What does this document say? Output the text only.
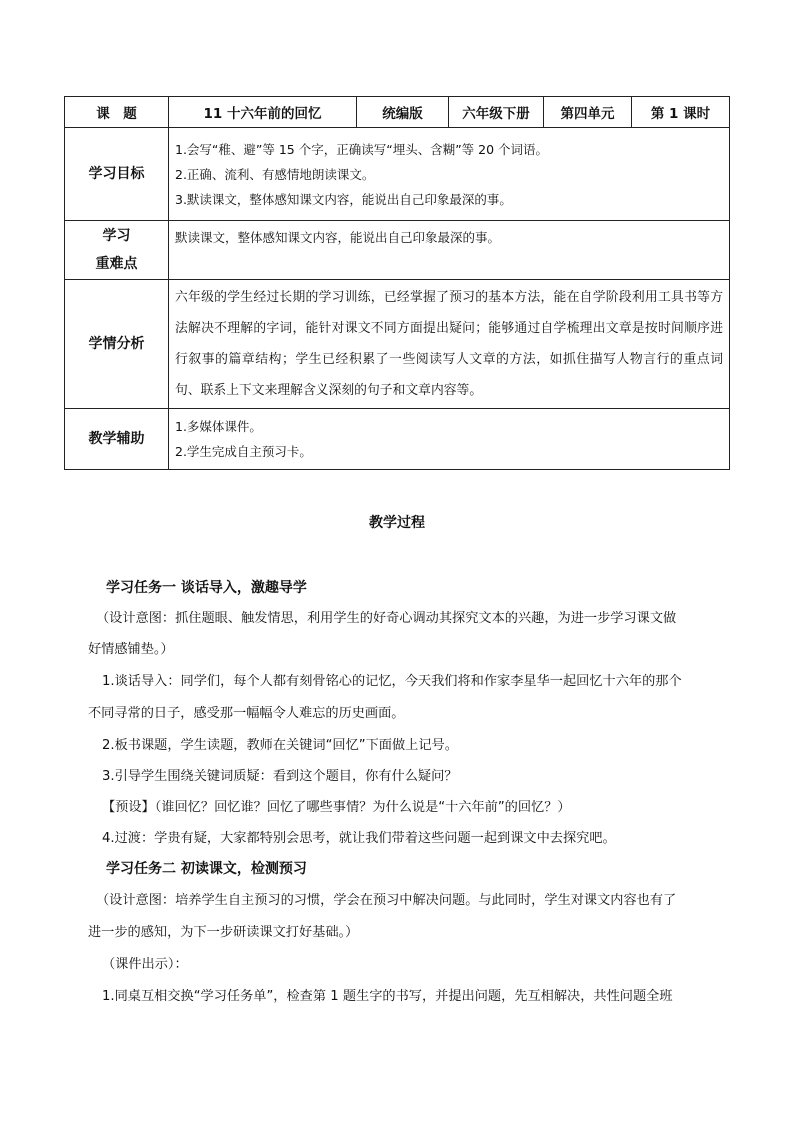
课　题	11 十六年前的回忆	统编版	六年级下册	第四单元	第 1 课时
学习目标	1.会写“稚、避”等 15 个字，正确读写“埋头、含糊”等 20 个词语。
2.正确、流利、有感情地朗读课文。
3.默读课文，整体感知课文内容，能说出自己印象最深的事。				

学习
重难点	默读课文，整体感知课文内容，能说出自己印象最深的事。				

学情分析	六年级的学生经过长期的学习训练，已经掌握了预习的基本方法，能在自学阶段利用工具书等方法解决不理解的字词，能针对课文不同方面提出疑问；能够通过自学梳理出文章是按时间顺序进行叙事的篇章结构；学生已经积累了一些阅读写人文章的方法，如抓住描写人物言行的重点词句、联系上下文来理解含义深刻的句子和文章内容等。				
教学辅助	1.多媒体课件。
2.学生完成自主预习卡。				
教学过程
学习任务一 谈话导入，激趣导学
（设计意图：抓住题眼、触发情思，利用学生的好奇心调动其探究文本的兴趣，为进一步学习课文做
好情感铺垫。）
1.谈话导入：同学们，每个人都有刻骨铭心的记忆，今天我们将和作家李星华一起回忆十六年的那个
不同寻常的日子，感受那一幅幅令人难忘的历史画面。
2.板书课题，学生读题，教师在关键词“回忆”下面做上记号。
3.引导学生围绕关键词质疑：看到这个题目，你有什么疑问？
【预设】（谁回忆？回忆谁？回忆了哪些事情？为什么说是“十六年前”的回忆？）
4.过渡：学贵有疑，大家都特别会思考，就让我们带着这些问题一起到课文中去探究吧。
学习任务二 初读课文，检测预习
（设计意图：培养学生自主预习的习惯，学会在预习中解决问题。与此同时，学生对课文内容也有了
进一步的感知，为下一步研读课文打好基础。）
（课件出示）：
1.同桌互相交换“学习任务单”，检查第 1 题生字的书写，并提出问题，先互相解决，共性问题全班
